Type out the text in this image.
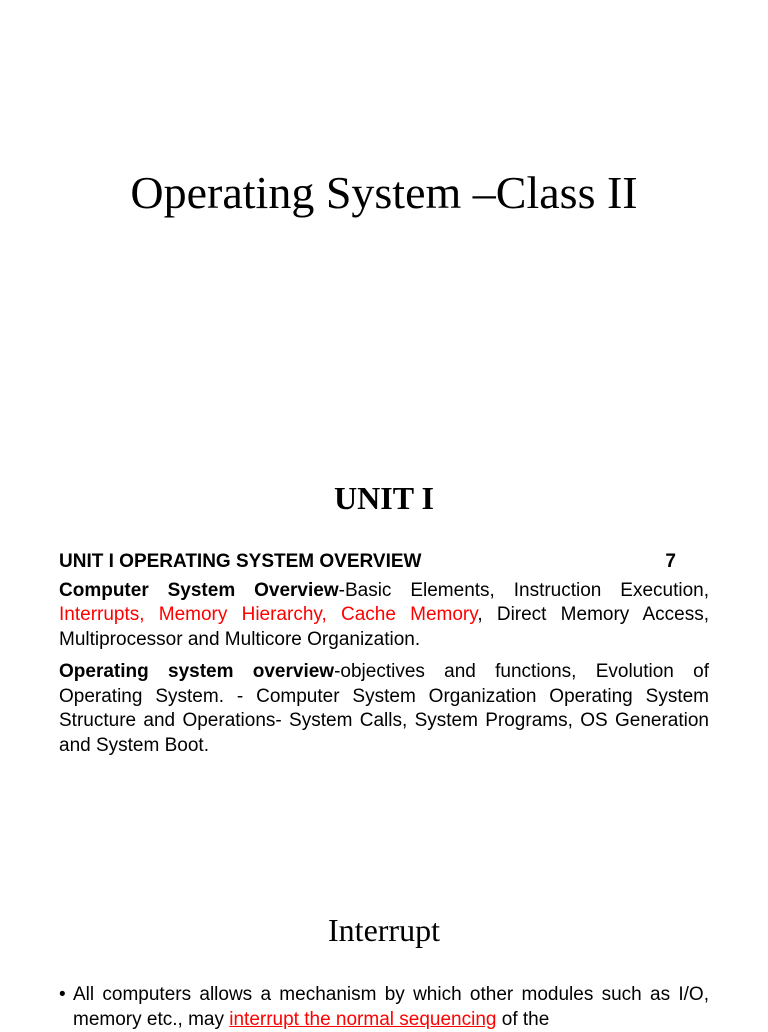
Operating System –Class II
UNIT I
UNIT I OPERATING SYSTEM OVERVIEW	7

Computer System Overview-Basic Elements, Instruction Execution, Interrupts, Memory Hierarchy, Cache Memory, Direct Memory Access, Multiprocessor and Multicore Organization.

Operating system overview-objectives and functions, Evolution of Operating System. - Computer System Organization Operating System Structure and Operations- System Calls, System Programs, OS Generation and System Boot.

Interrupt
• All computers allows a mechanism by which other modules such as I/O, memory etc., may interrupt the normal sequencing of the
